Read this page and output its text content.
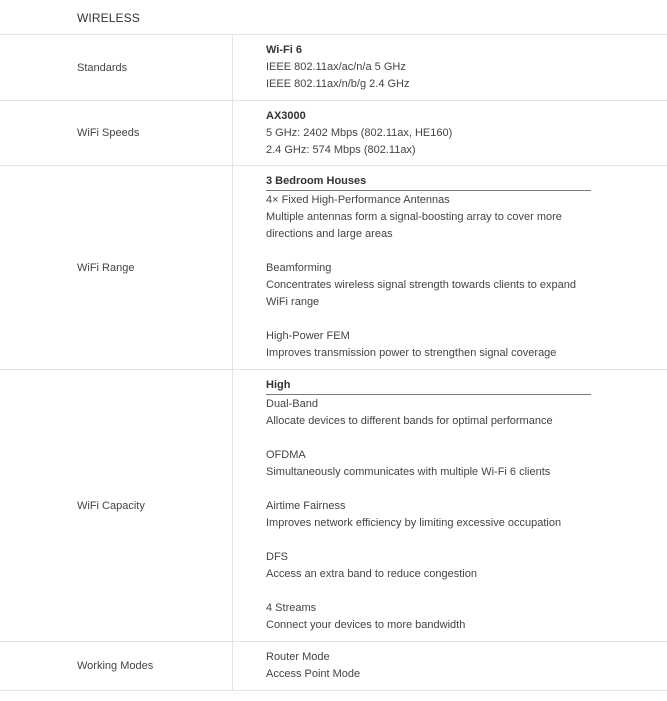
WIRELESS
Standards
Wi-Fi 6
IEEE 802.11ax/ac/n/a 5 GHz
IEEE 802.11ax/n/b/g 2.4 GHz
WiFi Speeds
AX3000
5 GHz: 2402 Mbps (802.11ax, HE160)
2.4 GHz: 574 Mbps (802.11ax)
WiFi Range
3 Bedroom Houses
4× Fixed High-Performance Antennas
Multiple antennas form a signal-boosting array to cover more
directions and large areas
Beamforming
Concentrates wireless signal strength towards clients to expand
WiFi range
High-Power FEM
Improves transmission power to strengthen signal coverage
WiFi Capacity
High
Dual-Band
Allocate devices to different bands for optimal performance
OFDMA
Simultaneously communicates with multiple Wi-Fi 6 clients
Airtime Fairness
Improves network efficiency by limiting excessive occupation
DFS
Access an extra band to reduce congestion
4 Streams
Connect your devices to more bandwidth
Working Modes
Router Mode
Access Point Mode
